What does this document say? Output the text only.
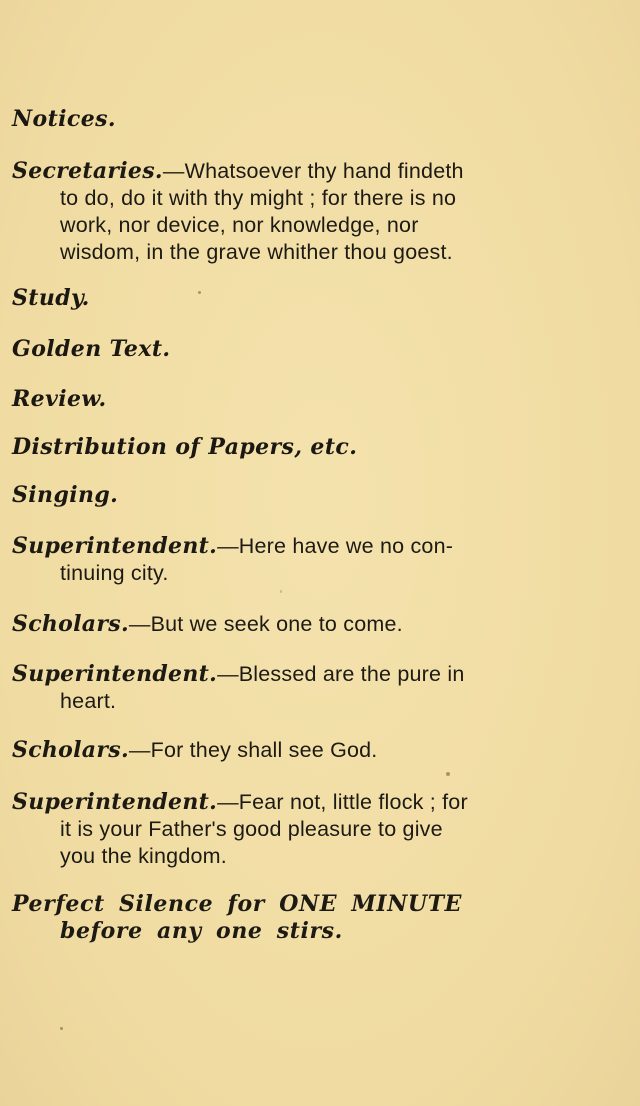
Notices.
Secretaries.—Whatsoever thy hand findeth
to do, do it with thy might ; for there is no
work, nor device, nor knowledge, nor
wisdom, in the grave whither thou goest.
Study.
Golden Text.
Review.
Distribution of Papers, etc.
Singing.
Superintendent.—Here have we no con-
tinuing city.
Scholars.—But we seek one to come.
Superintendent.—Blessed are the pure in
heart.
Scholars.—For they shall see God.
Superintendent.—Fear not, little flock ; for
it is your Father's good pleasure to give
you the kingdom.
Perfect Silence for ONE MINUTE
before any one stirs.
